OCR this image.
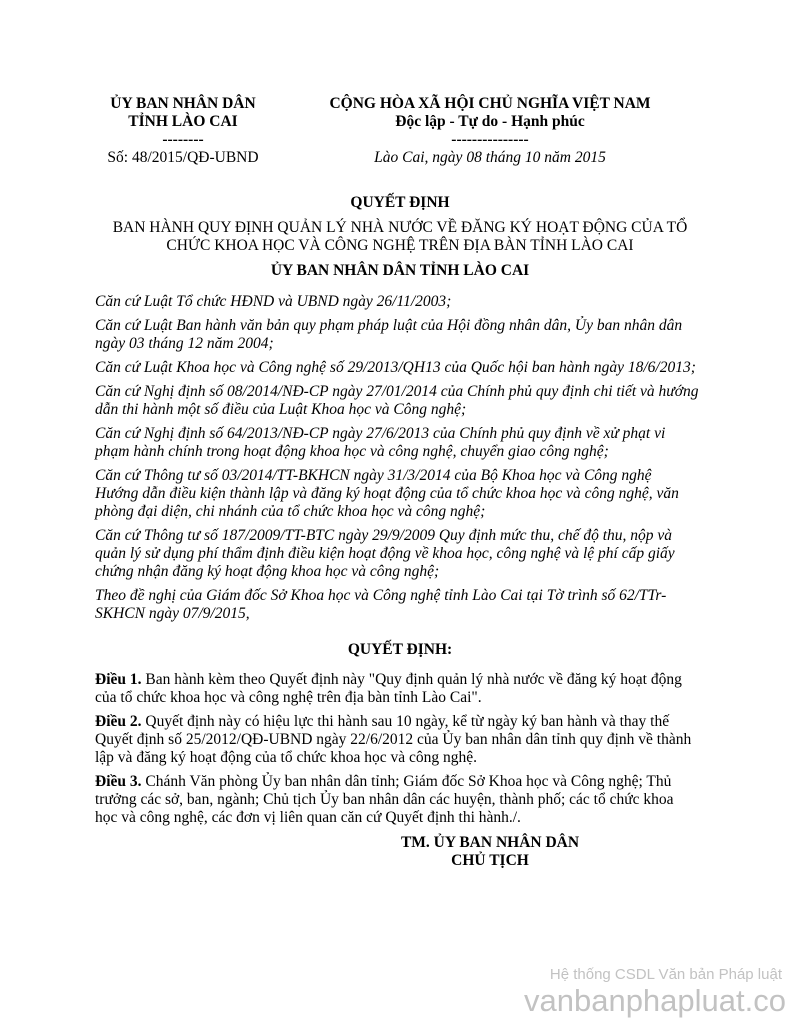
ỦY BAN NHÂN DÂN
TỈNH LÀO CAI
--------
CỘNG HÒA XÃ HỘI CHỦ NGHĨA VIỆT NAM
Độc lập - Tự do - Hạnh phúc
---------------
Số: 48/2015/QĐ-UBND	Lào Cai, ngày 08 tháng 10 năm 2015
QUYẾT ĐỊNH
BAN HÀNH QUY ĐỊNH QUẢN LÝ NHÀ NƯỚC VỀ ĐĂNG KÝ HOẠT ĐỘNG CỦA TỔ
CHỨC KHOA HỌC VÀ CÔNG NGHỆ TRÊN ĐỊA BÀN TỈNH LÀO CAI
ỦY BAN NHÂN DÂN TỈNH LÀO CAI

Căn cứ Luật Tổ chức HĐND và UBND ngày 26/11/2003;

Căn cứ Luật Ban hành văn bản quy phạm pháp luật của Hội đồng nhân dân, Ủy ban nhân dân
ngày 03 tháng 12 năm 2004;

Căn cứ Luật Khoa học và Công nghệ số 29/2013/QH13 của Quốc hội ban hành ngày 18/6/2013;

Căn cứ Nghị định số 08/2014/NĐ-CP ngày 27/01/2014 của Chính phủ quy định chi tiết và hướng
dẫn thi hành một số điều của Luật Khoa học và Công nghệ;

Căn cứ Nghị định số 64/2013/NĐ-CP ngày 27/6/2013 của Chính phủ quy định về xử phạt vi
phạm hành chính trong hoạt động khoa học và công nghệ, chuyển giao công nghệ;

Căn cứ Thông tư số 03/2014/TT-BKHCN ngày 31/3/2014 của Bộ Khoa học và Công nghệ
Hướng dẫn điều kiện thành lập và đăng ký hoạt động của tổ chức khoa học và công nghệ, văn
phòng đại diện, chi nhánh của tổ chức khoa học và công nghệ;

Căn cứ Thông tư số 187/2009/TT-BTC ngày 29/9/2009 Quy định mức thu, chế độ thu, nộp và
quản lý sử dụng phí thẩm định điều kiện hoạt động về khoa học, công nghệ và lệ phí cấp giấy
chứng nhận đăng ký hoạt động khoa học và công nghệ;

Theo đề nghị của Giám đốc Sở Khoa học và Công nghệ tỉnh Lào Cai tại Tờ trình số 62/TTr-
SKHCN ngày 07/9/2015,

QUYẾT ĐỊNH:

Điều 1. Ban hành kèm theo Quyết định này "Quy định quản lý nhà nước về đăng ký hoạt động
của tổ chức khoa học và công nghệ trên địa bàn tỉnh Lào Cai".

Điều 2. Quyết định này có hiệu lực thi hành sau 10 ngày, kể từ ngày ký ban hành và thay thế
Quyết định số 25/2012/QĐ-UBND ngày 22/6/2012 của Ủy ban nhân dân tỉnh quy định về thành
lập và đăng ký hoạt động của tổ chức khoa học và công nghệ.

Điều 3. Chánh Văn phòng Ủy ban nhân dân tỉnh; Giám đốc Sở Khoa học và Công nghệ; Thủ
trưởng các sở, ban, ngành; Chủ tịch Ủy ban nhân dân các huyện, thành phố; các tổ chức khoa
học và công nghệ, các đơn vị liên quan căn cứ Quyết định thi hành./.

TM. ỦY BAN NHÂN DÂN
CHỦ TỊCH
Hệ thống CSDL Văn bản Pháp luật
vanbanphapluat.co
